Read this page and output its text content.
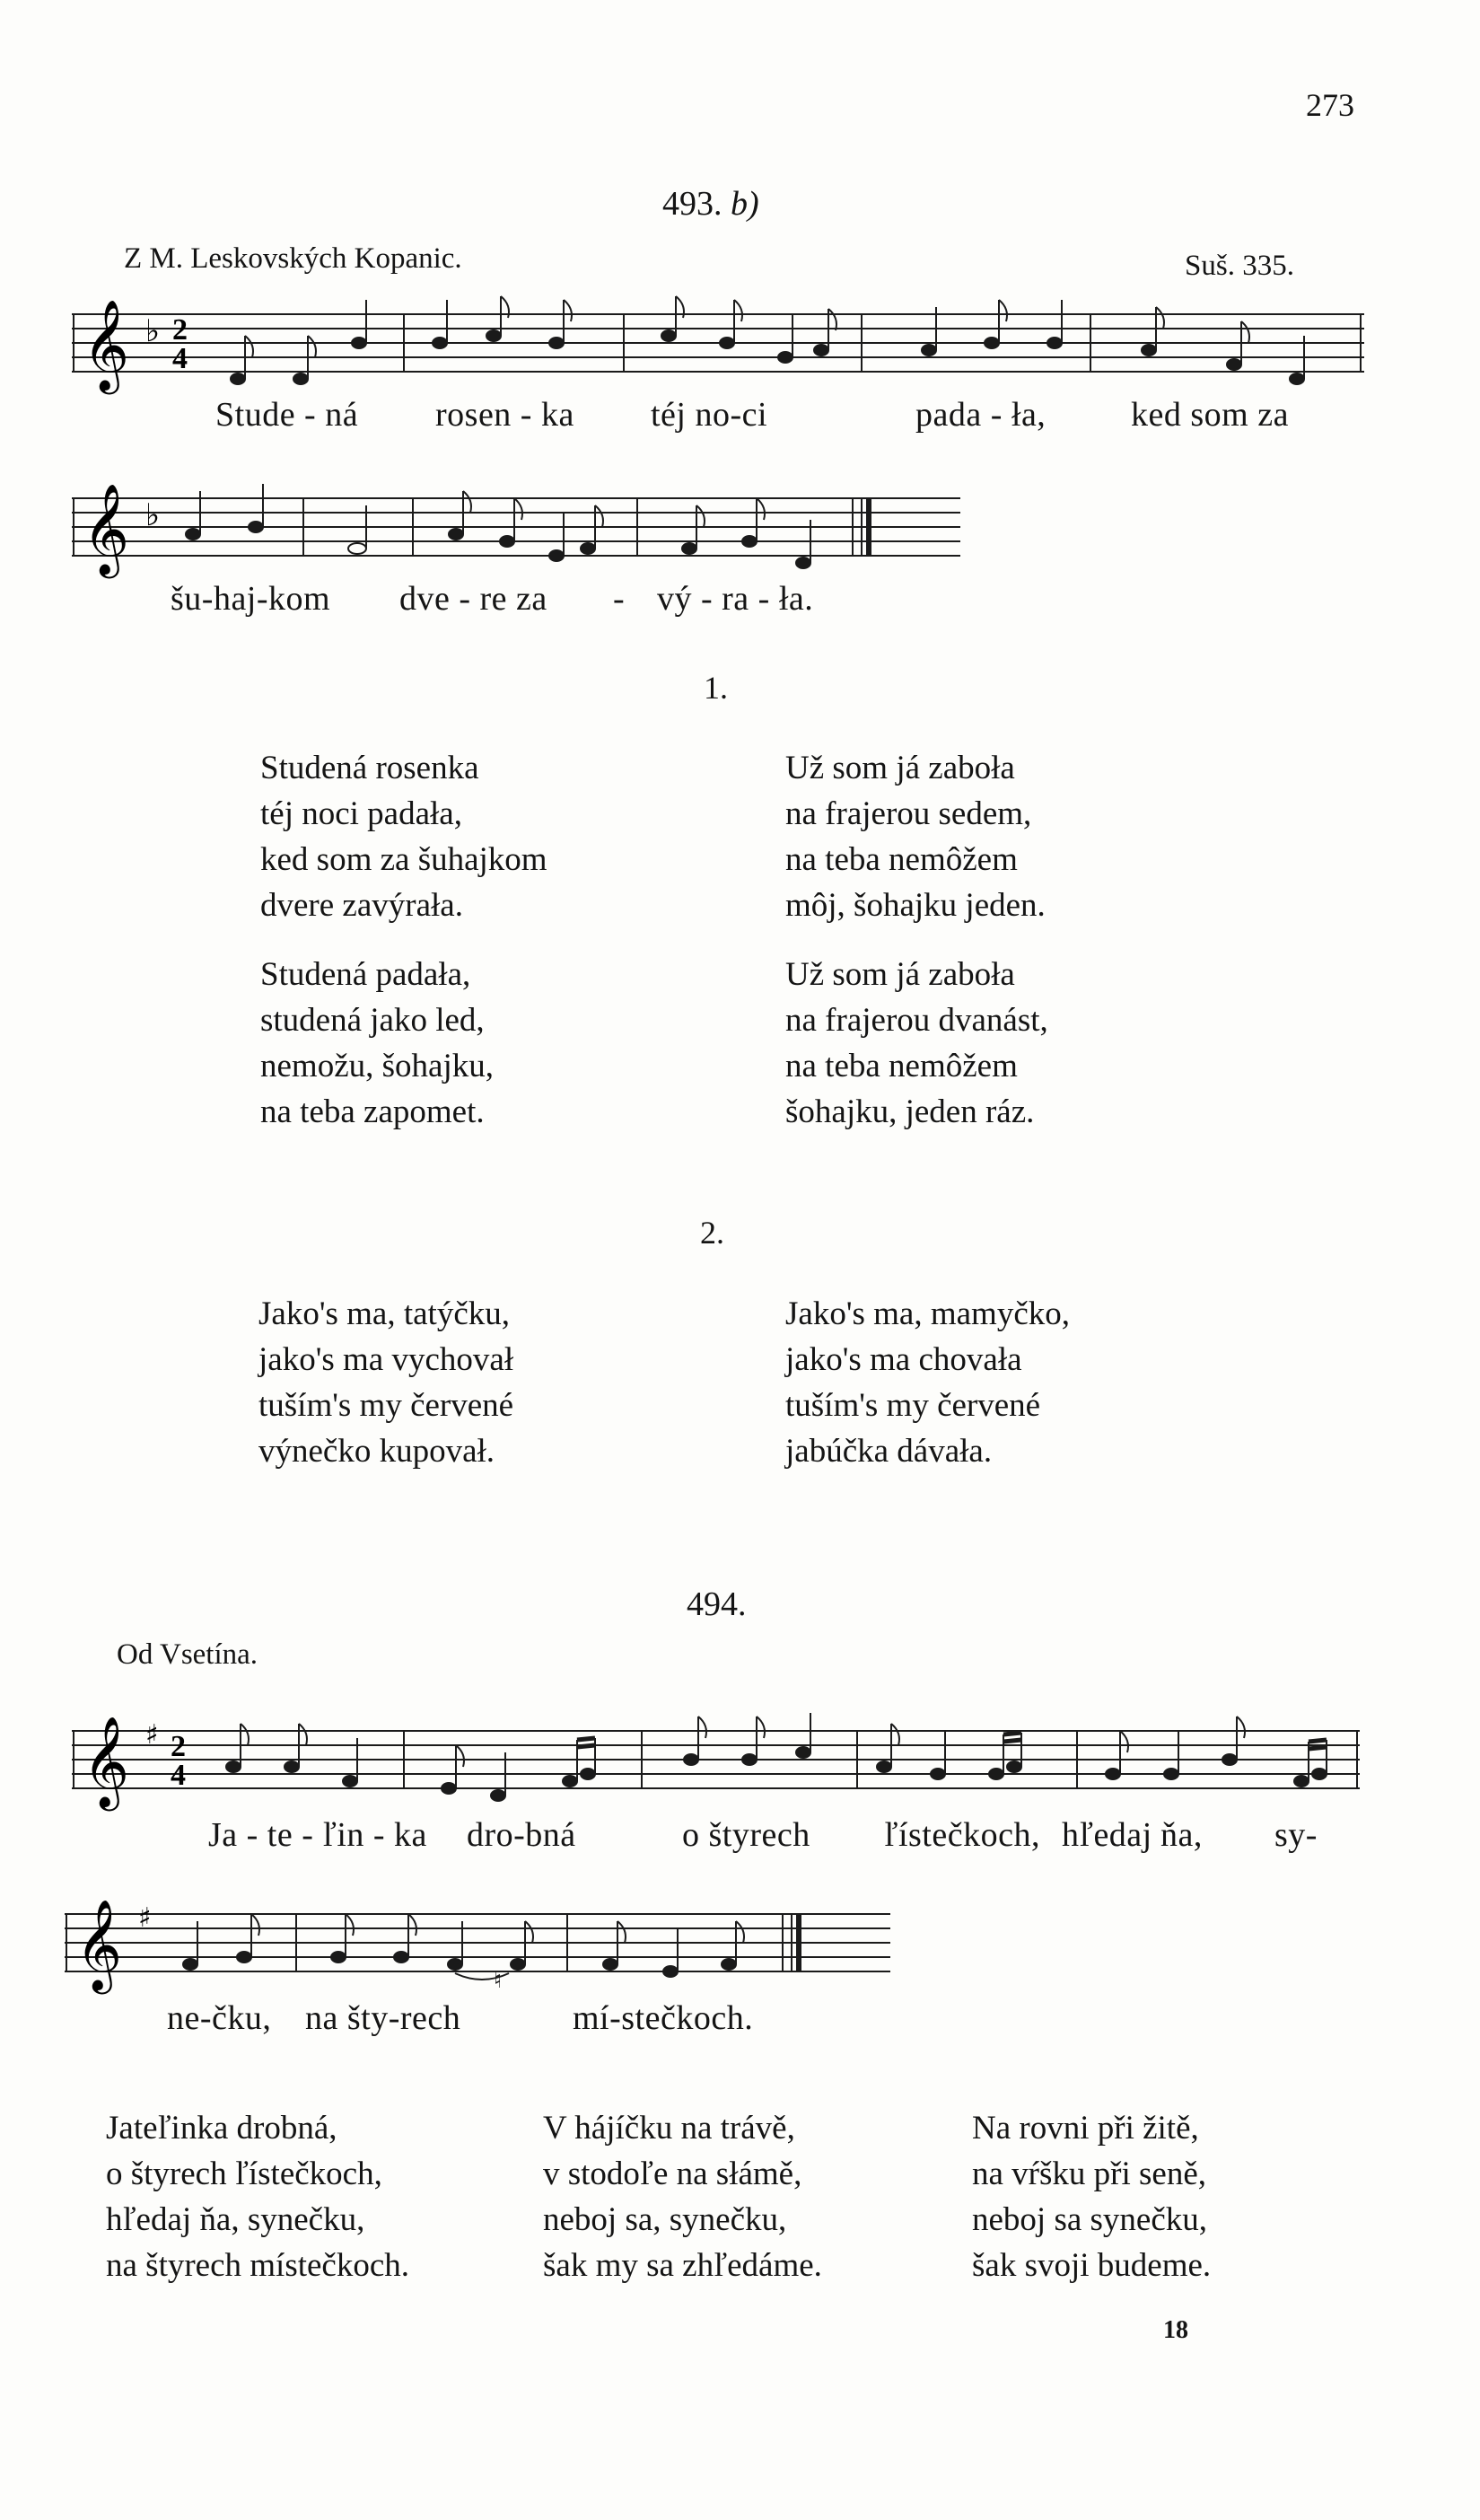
273
493. b)
Z M. Leskovských Kopanic.	Suš. 335.
𝄞 ♭ 2
4
Stude - ná rosen - ka téj no-ci	pada - ła, ked som za
𝄞 ♭
šu-haj-kom dve - re za - vý - ra - ła.
1.
Studená rosenka
téj noci padała,
ked som za šuhajkom
dvere zavýrała.
Už som já zaboła
na frajerou sedem,
na teba nemôžem
môj, šohajku jeden.
Studená padała,
studená jako led,
nemožu, šohajku,
na teba zapomet.
Už som já zaboła
na frajerou dvanást,
na teba nemôžem
šohajku, jeden ráz.
2.
Jako's ma, tatýčku,
jako's ma vychovał
tuším's my červené
výnečko kupovał.
Jako's ma, mamyčko,
jako's ma chovała
tuším's my červené
jabúčka dávała.
494.
Od Vsetína.
𝄞 ♯ 2
4
Ja - te - ľin - ka dro-bná	o štyrech ľístečkoch, hľedaj ňa, sy-
𝄞 ♯
♮
ne-čku, na šty-rech	mí-stečkoch.
Jateľinka drobná,
o štyrech ľístečkoch,
hľedaj ňa, synečku,
na štyrech místečkoch.
V hájíčku na trávě,
v stodoľe na słámě,
neboj sa, synečku,
šak my sa zhľedáme.
Na rovni při žitě,
na vŕšku při seně,
neboj sa synečku,
šak svoji budeme.
18
